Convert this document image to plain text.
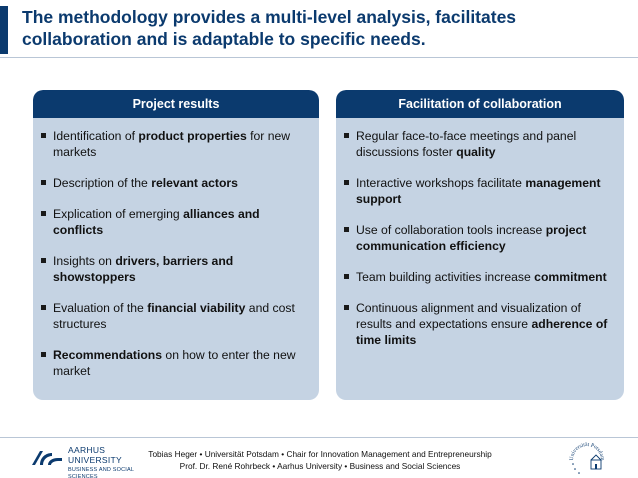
The methodology provides a multi-level analysis, facilitates
collaboration and is adaptable to specific needs.
Project results
Identification of product properties for new markets
Description of the relevant actors
Explication of emerging alliances and conflicts
Insights on drivers, barriers and showstoppers
Evaluation of the financial viability and cost structures
Recommendations on how to enter the new market
Facilitation of collaboration
Regular face-to-face meetings and panel discussions foster quality
Interactive workshops facilitate management support
Use of collaboration tools increase project communication efficiency
Team building activities increase commitment
Continuous alignment and visualization of results and expectations ensure adherence of time limits
AARHUS
UNIVERSITY
BUSINESS AND SOCIAL SCIENCES
Tobias Heger • Universität Potsdam • Chair for Innovation Management and Entrepreneurship
Prof. Dr. René Rohrbeck • Aarhus University • Business and Social Sciences
Universität Potsdam
